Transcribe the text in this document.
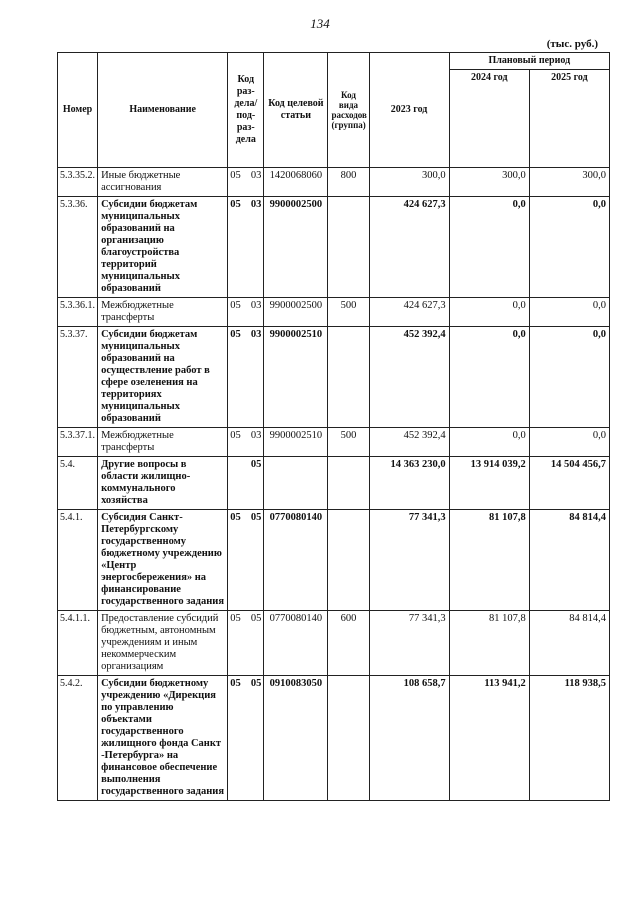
134
(тыс. руб.)
Номер	Наименование	Код раз-дела/ под-раз-дела	Код целевой статьи	Код вида расходов (группа)	2023 год	Плановый период	
						2024 год	2025 год
5.3.35.2.	Иные бюджетные ассигнования	05 03	1420068060	800	300,0	300,0	300,0
5.3.36.	Субсидии бюджетам муниципальных образований на организацию благоустройства территорий муниципальных образований	05 03	9900002500		424 627,3	0,0	0,0
5.3.36.1.	Межбюджетные трансферты	05 03	9900002500	500	424 627,3	0,0	0,0
5.3.37.	Субсидии бюджетам муниципальных образований на осуществление работ в сфере озеленения на территориях муниципальных образований	05 03	9900002510		452 392,4	0,0	0,0
5.3.37.1.	Межбюджетные трансферты	05 03	9900002510	500	452 392,4	0,0	0,0
5.4.	Другие вопросы в области жилищно-коммунального хозяйства	05			14 363 230,0	13 914 039,2	14 504 456,7
5.4.1.	Субсидия Санкт-Петербургскому государственному бюджетному учреждению «Центр энергосбережения» на финансирование государственного задания	05 05	0770080140		77 341,3	81 107,8	84 814,4
5.4.1.1.	Предоставление субсидий бюджетным, автономным учреждениям и иным некоммерческим организациям	05 05	0770080140	600	77 341,3	81 107,8	84 814,4
5.4.2.	Субсидии бюджетному учреждению «Дирекция по управлению объектами государственного жилищного фонда Санкт -Петербурга» на финансовое обеспечение выполнения государственного задания	05 05	0910083050		108 658,7	113 941,2	118 938,5
